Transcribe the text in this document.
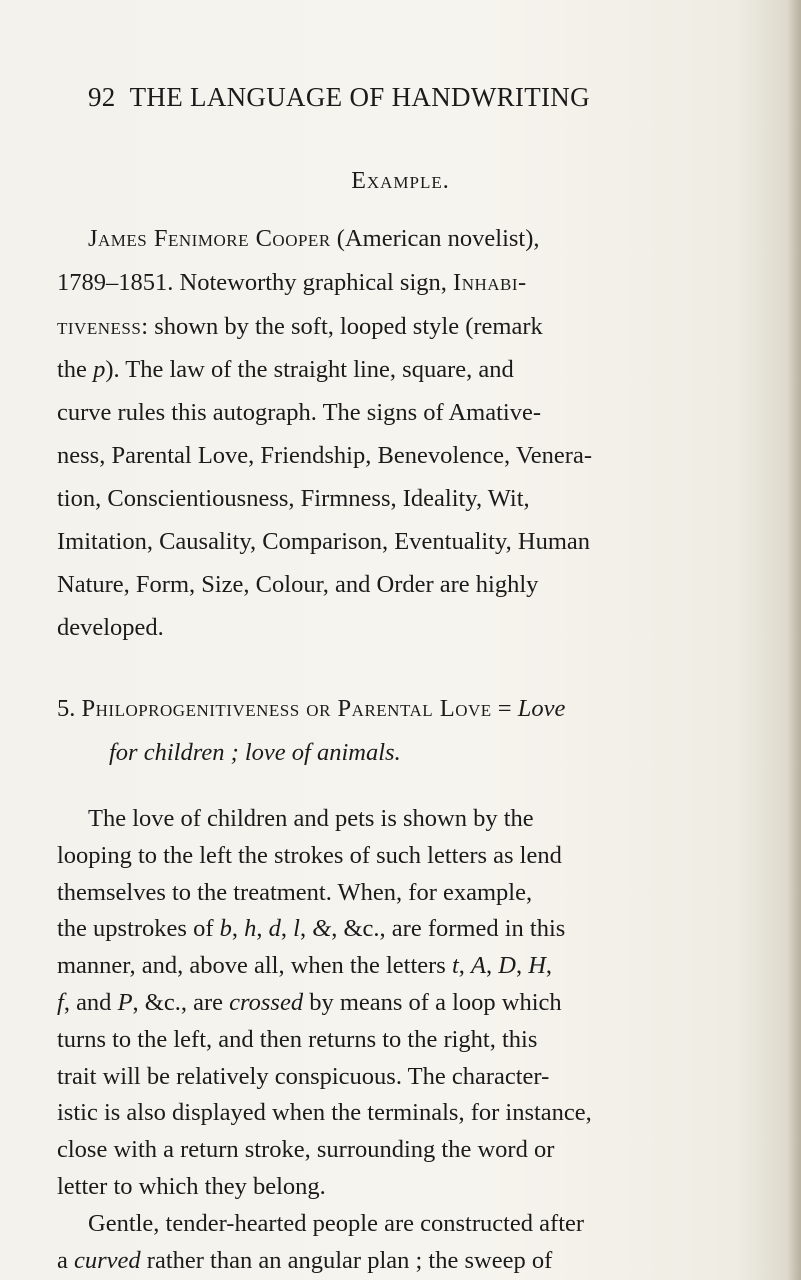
92 THE LANGUAGE OF HANDWRITING
Example.
James Fenimore Cooper (American novelist),
1789–1851. Noteworthy graphical sign, Inhabi-
tiveness: shown by the soft, looped style (remark
the p). The law of the straight line, square, and
curve rules this autograph. The signs of Amative-
ness, Parental Love, Friendship, Benevolence, Venera-
tion, Conscientiousness, Firmness, Ideality, Wit,
Imitation, Causality, Comparison, Eventuality, Human
Nature, Form, Size, Colour, and Order are highly
developed.
5. Philoprogenitiveness or Parental Love = Love
for children ; love of animals.
The love of children and pets is shown by the
looping to the left the strokes of such letters as lend
themselves to the treatment. When, for example,
the upstrokes of b, h, d, l, &, &c., are formed in this
manner, and, above all, when the letters t, A, D, H,
f, and P, &c., are crossed by means of a loop which
turns to the left, and then returns to the right, this
trait will be relatively conspicuous. The character-
istic is also displayed when the terminals, for instance,
close with a return stroke, surrounding the word or
letter to which they belong.
Gentle, tender-hearted people are constructed after
a curved rather than an angular plan ; the sweep of
